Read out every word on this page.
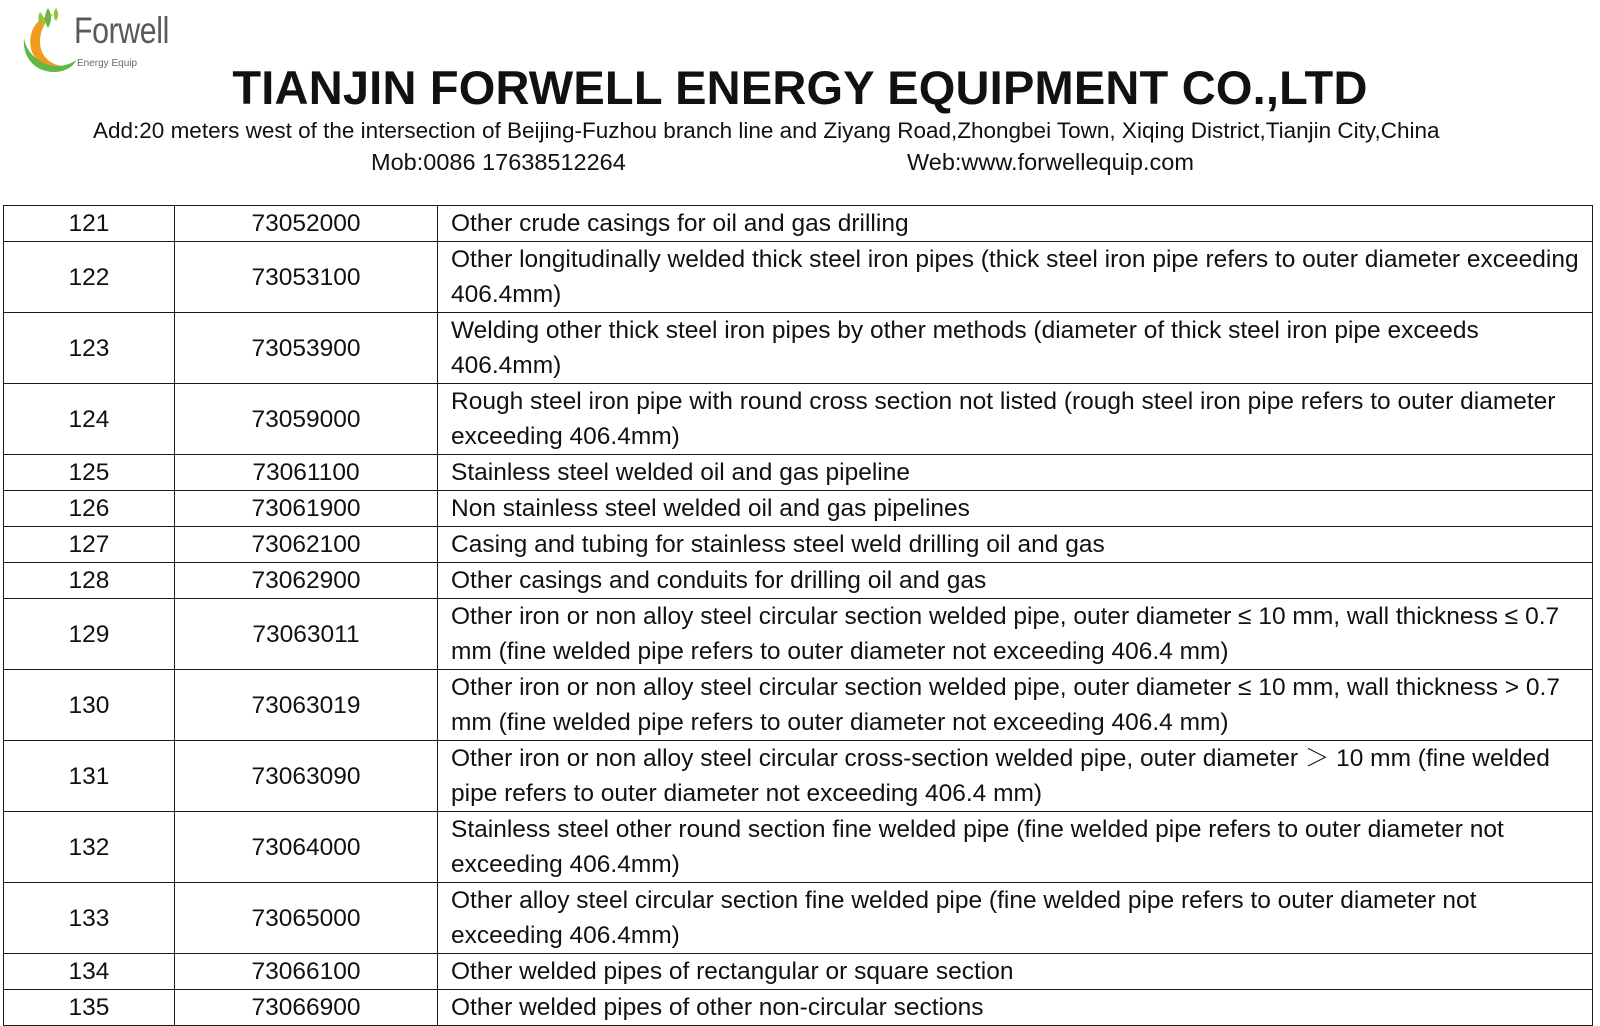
Forwell
Energy Equip	TIANJIN FORWELL ENERGY EQUIPMENT CO.,LTD
Add:20 meters west of the intersection of Beijing-Fuzhou branch line and Ziyang Road,Zhongbei Town, Xiqing District,Tianjin City,China
Mob:0086 17638512264	Web:www.forwellequip.com
121	73052000	Other crude casings for oil and gas drilling
122	73053100	Other longitudinally welded thick steel iron pipes (thick steel iron pipe refers to outer diameter exceeding 406.4mm)
123	73053900	Welding other thick steel iron pipes by other methods (diameter of thick steel iron pipe exceeds 406.4mm)
124	73059000	Rough steel iron pipe with round cross section not listed (rough steel iron pipe refers to outer diameter exceeding 406.4mm)
125	73061100	Stainless steel welded oil and gas pipeline
126	73061900	Non stainless steel welded oil and gas pipelines
127	73062100	Casing and tubing for stainless steel weld drilling oil and gas
128	73062900	Other casings and conduits for drilling oil and gas
129	73063011	Other iron or non alloy steel circular section welded pipe, outer diameter ≤ 10 mm, wall thickness ≤ 0.7 mm (fine welded pipe refers to outer diameter not exceeding 406.4 mm)
130	73063019	Other iron or non alloy steel circular section welded pipe, outer diameter ≤ 10 mm, wall thickness > 0.7 mm (fine welded pipe refers to outer diameter not exceeding 406.4 mm)
131	73063090	Other iron or non alloy steel circular cross-section welded pipe, outer diameter ＞ 10 mm (fine welded pipe refers to outer diameter not exceeding 406.4 mm)
132	73064000	Stainless steel other round section fine welded pipe (fine welded pipe refers to outer diameter not exceeding 406.4mm)
133	73065000	Other alloy steel circular section fine welded pipe (fine welded pipe refers to outer diameter not exceeding 406.4mm)
134	73066100	Other welded pipes of rectangular or square section
135	73066900	Other welded pipes of other non-circular sections
